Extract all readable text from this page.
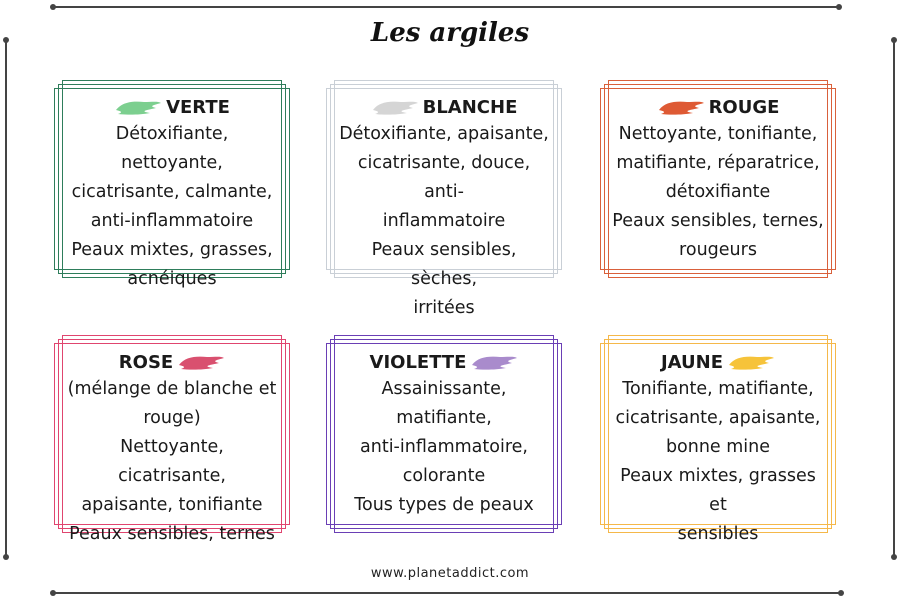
Les argiles
VERTE
Détoxifiante, nettoyante,
cicatrisante, calmante,
anti-inflammatoire
Peaux mixtes, grasses,
acnéiques
BLANCHE
Détoxifiante, apaisante,
cicatrisante, douce, anti-
inflammatoire
Peaux sensibles, sèches,
irritées
ROUGE
Nettoyante, tonifiante,
matifiante, réparatrice,
détoxifiante
Peaux sensibles, ternes,
rougeurs
ROSE
(mélange de blanche et
rouge)
Nettoyante, cicatrisante,
apaisante, tonifiante
Peaux sensibles, ternes
VIOLETTE
Assainissante, matifiante,
anti-inflammatoire,
colorante
Tous types de peaux
JAUNE
Tonifiante, matifiante,
cicatrisante, apaisante,
bonne mine
Peaux mixtes, grasses et
sensibles
www.planetaddict.com
